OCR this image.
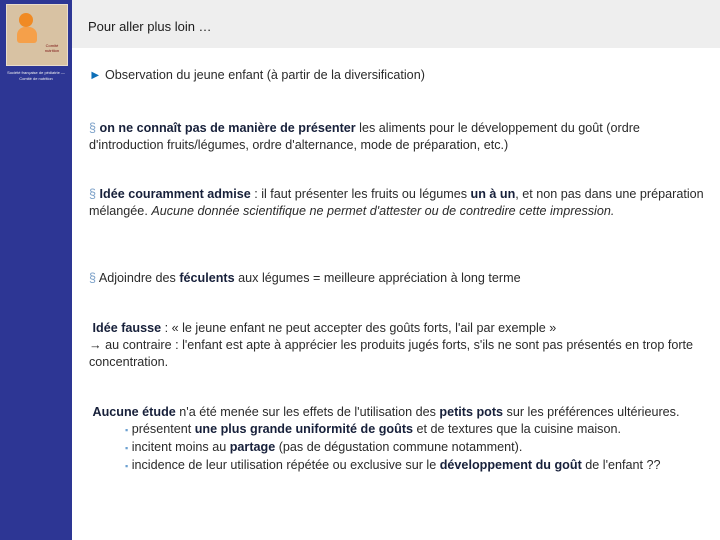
Comité nutrition
Société française de pédiatrie — Comité de nutrition
Pour aller plus loin …
► Observation du jeune enfant (à partir de la diversification)
§ on ne connaît pas de manière de présenter les aliments pour le développement du goût (ordre d'introduction fruits/légumes, ordre d'alternance, mode de préparation, etc.)
§ Idée couramment admise : il faut présenter les fruits ou légumes un à un, et non pas dans une préparation mélangée. Aucune donnée scientifique ne permet d'attester ou de contredire cette impression.
§ Adjoindre des féculents aux légumes = meilleure appréciation à long terme
Idée fausse : « le jeune enfant ne peut accepter des goûts forts, l'ail par exemple »
→ au contraire : l'enfant est apte à apprécier les produits jugés forts, s'ils ne sont pas présentés en trop forte concentration.
Aucune étude n'a été menée sur les effets de l'utilisation des petits pots sur les préférences ultérieures.
▪ présentent une plus grande uniformité de goûts et de textures que la cuisine maison.
▪ incitent moins au partage (pas de dégustation commune notamment).
▪ incidence de leur utilisation répétée ou exclusive sur le développement du goût de l'enfant ??
